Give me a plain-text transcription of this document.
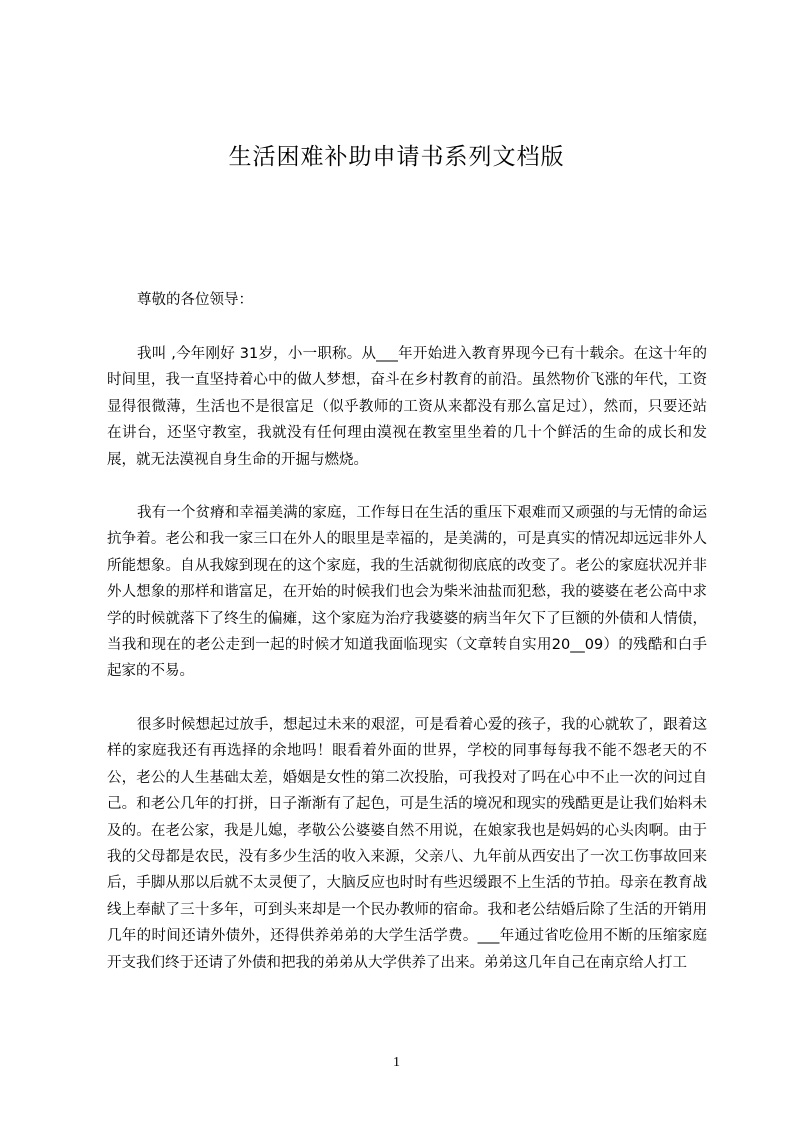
生活困难补助申请书系列文档版
尊敬的各位领导：

我叫 ,今年刚好 31岁，小一职称。从___年开始进入教育界现今已有十载余。在这十年的时间里，我一直坚持着心中的做人梦想，奋斗在乡村教育的前沿。虽然物价飞涨的年代，工资显得很微薄，生活也不是很富足（似乎教师的工资从来都没有那么富足过），然而，只要还站在讲台，还坚守教室，我就没有任何理由漠视在教室里坐着的几十个鲜活的生命的成长和发展，就无法漠视自身生命的开掘与燃烧。

我有一个贫瘠和幸福美满的家庭，工作每日在生活的重压下艰难而又顽强的与无情的命运抗争着。老公和我一家三口在外人的眼里是幸福的，是美满的，可是真实的情况却远远非外人所能想象。自从我嫁到现在的这个家庭，我的生活就彻彻底底的改变了。老公的家庭状况并非外人想象的那样和谐富足，在开始的时候我们也会为柴米油盐而犯愁，我的婆婆在老公高中求学的时候就落下了终生的偏瘫，这个家庭为治疗我婆婆的病当年欠下了巨额的外债和人情债，当我和现在的老公走到一起的时候才知道我面临现实（文章转自实用20__09）的残酷和白手起家的不易。

很多时候想起过放手，想起过未来的艰涩，可是看着心爱的孩子，我的心就软了，跟着这样的家庭我还有再选择的余地吗！眼看着外面的世界，学校的同事每每我不能不怨老天的不公，老公的人生基础太差，婚姻是女性的第二次投胎，可我投对了吗在心中不止一次的问过自己。和老公几年的打拼，日子渐渐有了起色，可是生活的境况和现实的残酷更是让我们始料未及的。在老公家，我是儿媳，孝敬公公婆婆自然不用说，在娘家我也是妈妈的心头肉啊。由于我的父母都是农民，没有多少生活的收入来源，父亲八、九年前从西安出了一次工伤事故回来后，手脚从那以后就不太灵便了，大脑反应也时时有些迟缓跟不上生活的节拍。母亲在教育战线上奉献了三十多年，可到头来却是一个民办教师的宿命。我和老公结婚后除了生活的开销用几年的时间还请外债外，还得供养弟弟的大学生活学费。___年通过省吃俭用不断的压缩家庭开支我们终于还请了外债和把我的弟弟从大学供养了出来。弟弟这几年自己在南京给人打工

1
